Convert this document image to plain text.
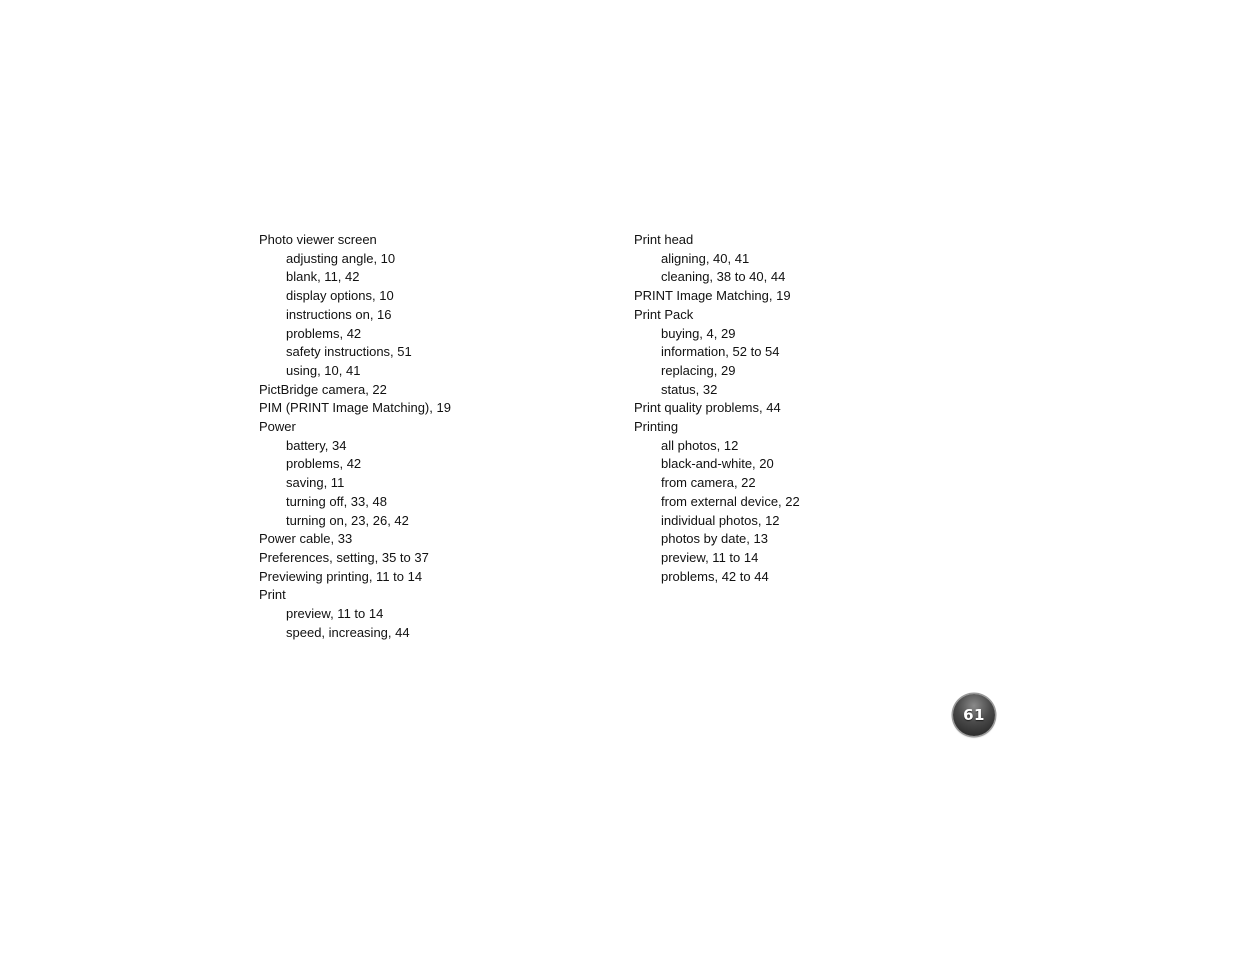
Photo viewer screen
adjusting angle, 10
blank, 11, 42
display options, 10
instructions on, 16
problems, 42
safety instructions, 51
using, 10, 41
PictBridge camera, 22
PIM (PRINT Image Matching), 19
Power
battery, 34
problems, 42
saving, 11
turning off, 33, 48
turning on, 23, 26, 42
Power cable, 33
Preferences, setting, 35 to 37
Previewing printing, 11 to 14
Print
preview, 11 to 14
speed, increasing, 44
Print head
aligning, 40, 41
cleaning, 38 to 40, 44
PRINT Image Matching, 19
Print Pack
buying, 4, 29
information, 52 to 54
replacing, 29
status, 32
Print quality problems, 44
Printing
all photos, 12
black-and-white, 20
from camera, 22
from external device, 22
individual photos, 12
photos by date, 13
preview, 11 to 14
problems, 42 to 44
61
